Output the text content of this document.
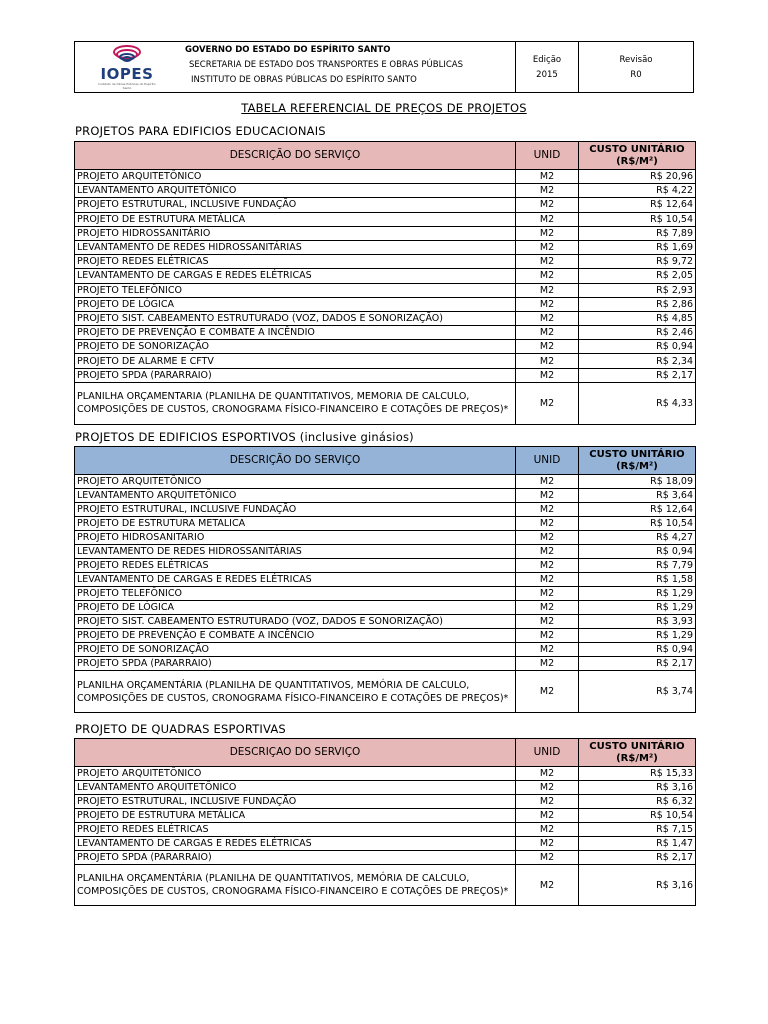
IOPES
Instituto de Obras Públicas do Espírito Santo
GOVERNO DO ESTADO DO ESPÍRITO SANTO
SECRETARIA DE ESTADO DOS TRANSPORTES E OBRAS PÚBLICAS
INSTITUTO DE OBRAS PÚBLICAS DO ESPÍRITO SANTO
Edição
2015
Revisão
R0
TABELA REFERENCIAL DE PREÇOS DE PROJETOS
PROJETOS PARA EDIFICIOS EDUCACIONAIS
DESCRIÇÃO DO SERVIÇO	UNID	CUSTO UNITÁRIO (R$/M²)
PROJETO ARQUITETÔNICO	M2	R$ 20,96
LEVANTAMENTO ARQUITETÔNICO	M2	R$ 4,22
PROJETO ESTRUTURAL, INCLUSIVE FUNDAÇÃO	M2	R$ 12,64
PROJETO DE ESTRUTURA METÁLICA	M2	R$ 10,54
PROJETO HIDROSSANITÁRIO	M2	R$ 7,89
LEVANTAMENTO DE REDES HIDROSSANITÁRIAS	M2	R$ 1,69
PROJETO REDES ELÉTRICAS	M2	R$ 9,72
LEVANTAMENTO DE CARGAS E REDES ELÉTRICAS	M2	R$ 2,05
PROJETO TELEFÔNICO	M2	R$ 2,93
PROJETO DE LÓGICA	M2	R$ 2,86
PROJETO SIST. CABEAMENTO ESTRUTURADO (VOZ, DADOS E SONORIZAÇÃO)	M2	R$ 4,85
PROJETO DE PREVENÇÃO E COMBATE A INCÊNDIO	M2	R$ 2,46
PROJETO DE SONORIZAÇÃO	M2	R$ 0,94
PROJETO DE ALARME E CFTV	M2	R$ 2,34
PROJETO SPDA (PARARRAIO)	M2	R$ 2,17
PLANILHA ORÇAMENTARIA (PLANILHA DE QUANTITATIVOS, MEMORIA DE CALCULO, COMPOSIÇÕES DE CUSTOS, CRONOGRAMA FÍSICO-FINANCEIRO E COTAÇÕES DE PREÇOS)*	M2	R$ 4,33
PROJETOS DE EDIFICIOS ESPORTIVOS (inclusive ginásios)
DESCRIÇÃO DO SERVIÇO	UNID	CUSTO UNITÁRIO (R$/M²)
PROJETO ARQUITETÔNICO	M2	R$ 18,09
LEVANTAMENTO ARQUITETÔNICO	M2	R$ 3,64
PROJETO ESTRUTURAL, INCLUSIVE FUNDAÇÃO	M2	R$ 12,64
PROJETO DE ESTRUTURA METALICA	M2	R$ 10,54
PROJETO HIDROSANITARIO	M2	R$ 4,27
LEVANTAMENTO DE REDES HIDROSSANITÁRIAS	M2	R$ 0,94
PROJETO REDES ELÉTRICAS	M2	R$ 7,79
LEVANTAMENTO DE CARGAS E REDES ELÉTRICAS	M2	R$ 1,58
PROJETO TELEFÔNICO	M2	R$ 1,29
PROJETO DE LÓGICA	M2	R$ 1,29
PROJETO SIST. CABEAMENTO ESTRUTURADO (VOZ, DADOS E SONORIZAÇÃO)	M2	R$ 3,93
PROJETO DE PREVENÇÃO E COMBATE A INCÊNCIO	M2	R$ 1,29
PROJETO DE SONORIZAÇÃO	M2	R$ 0,94
PROJETO SPDA (PARARRAIO)	M2	R$ 2,17
PLANILHA ORÇAMENTÁRIA (PLANILHA DE QUANTITATIVOS, MEMÓRIA DE CALCULO, COMPOSIÇÕES DE CUSTOS, CRONOGRAMA FÍSICO-FINANCEIRO E COTAÇÕES DE PREÇOS)*	M2	R$ 3,74
PROJETO DE QUADRAS ESPORTIVAS
DESCRIÇAO DO SERVIÇO	UNID	CUSTO UNITÁRIO (R$/M²)
PROJETO ARQUITETÔNICO	M2	R$ 15,33
LEVANTAMENTO ARQUITETÔNICO	M2	R$ 3,16
PROJETO ESTRUTURAL, INCLUSIVE FUNDAÇÃO	M2	R$ 6,32
PROJETO DE ESTRUTURA METÁLICA	M2	R$ 10,54
PROJETO REDES ELÉTRICAS	M2	R$ 7,15
LEVANTAMENTO DE CARGAS E REDES ELÉTRICAS	M2	R$ 1,47
PROJETO SPDA (PARARRAIO)	M2	R$ 2,17
PLANILHA ORÇAMENTÁRIA (PLANILHA DE QUANTITATIVOS, MEMÓRIA DE CALCULO, COMPOSIÇÕES DE CUSTOS, CRONOGRAMA FÍSICO-FINANCEIRO E COTAÇÕES DE PREÇOS)*	M2	R$ 3,16
